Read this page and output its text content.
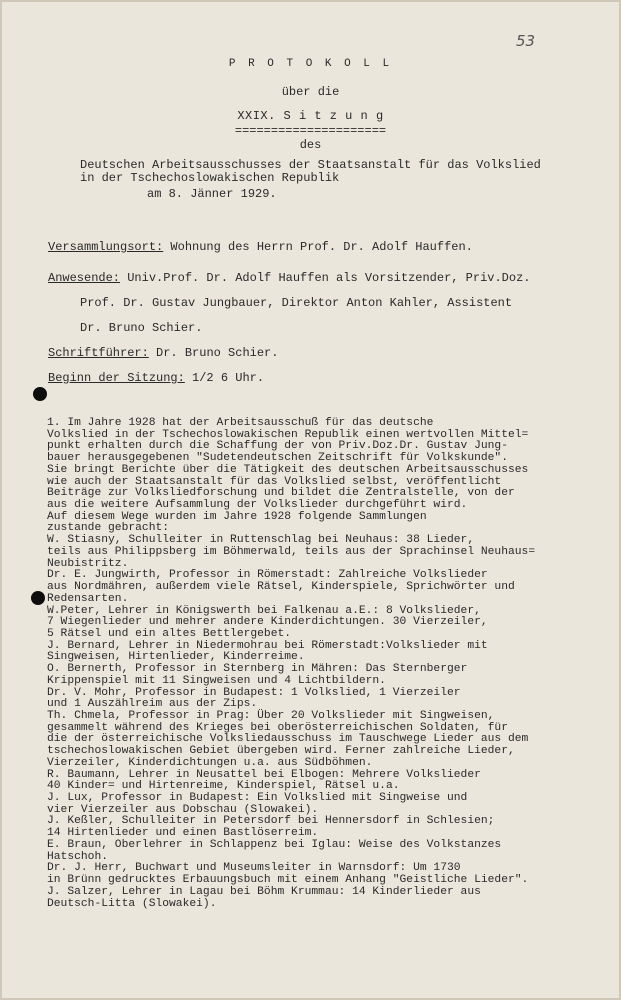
53
P R O T O K O L L
über die
XXIX. S i t z u n g
=====================
des
Deutschen Arbeitsausschusses der Staatsanstalt für das Volkslied
in der Tschechoslowakischen Republik
am 8. Jänner 1929.
Versammlungsort: Wohnung des Herrn Prof. Dr. Adolf Hauffen.
Anwesende: Univ.Prof. Dr. Adolf Hauffen als Vorsitzender, Priv.Doz.
Prof. Dr. Gustav Jungbauer, Direktor Anton Kahler, Assistent
Dr. Bruno Schier.
Schriftführer: Dr. Bruno Schier.
Beginn der Sitzung: 1/2 6 Uhr.
1. Im Jahre 1928 hat der Arbeitsausschuß für das deutsche
Volkslied in der Tschechoslowakischen Republik einen wertvollen Mittel=
punkt erhalten durch die Schaffung der von Priv.Doz.Dr. Gustav Jung-
bauer herausgegebenen "Sudetendeutschen Zeitschrift für Volkskunde".
Sie bringt Berichte über die Tätigkeit des deutschen Arbeitsausschusses
wie auch der Staatsanstalt für das Volkslied selbst, veröffentlicht
Beiträge zur Volksliedforschung und bildet die Zentralstelle, von der
aus die weitere Aufsammlung der Volkslieder durchgeführt wird.
Auf diesem Wege wurden im Jahre 1928 folgende Sammlungen
zustande gebracht:
W. Stiasny, Schulleiter in Ruttenschlag bei Neuhaus: 38 Lieder,
teils aus Philippsberg im Böhmerwald, teils aus der Sprachinsel Neuhaus=
Neubistritz.
Dr. E. Jungwirth, Professor in Römerstadt: Zahlreiche Volkslieder
aus Nordmähren, außerdem viele Rätsel, Kinderspiele, Sprichwörter und
Redensarten.
W.Peter, Lehrer in Königswerth bei Falkenau a.E.: 8 Volkslieder,
7 Wiegenlieder und mehrer andere Kinderdichtungen. 30 Vierzeiler,
5 Rätsel und ein altes Bettlergebet.
J. Bernard, Lehrer in Niedermohrau bei Römerstadt:Volkslieder mit
Singweisen, Hirtenlieder, Kinderreime.
O. Bernerth, Professor in Sternberg in Mähren: Das Sternberger
Krippenspiel mit 11 Singweisen und 4 Lichtbildern.
Dr. V. Mohr, Professor in Budapest: 1 Volkslied, 1 Vierzeiler
und 1 Auszählreim aus der Zips.
Th. Chmela, Professor in Prag: Über 20 Volkslieder mit Singweisen,
gesammelt während des Krieges bei oberösterreichischen Soldaten, für
die der österreichische Volksliedausschuss im Tauschwege Lieder aus dem
tschechoslowakischen Gebiet übergeben wird. Ferner zahlreiche Lieder,
Vierzeiler, Kinderdichtungen u.a. aus Südböhmen.
R. Baumann, Lehrer in Neusattel bei Elbogen: Mehrere Volkslieder
40 Kinder= und Hirtenreime, Kinderspiel, Rätsel u.a.
J. Lux, Professor in Budapest: Ein Volkslied mit Singweise und
vier Vierzeiler aus Dobschau (Slowakei).
J. Keßler, Schulleiter in Petersdorf bei Hennersdorf in Schlesien;
14 Hirtenlieder und einen Bastlöserreim.
E. Braun, Oberlehrer in Schlappenz bei Iglau: Weise des Volkstanzes
Hatschoh.
Dr. J. Herr, Buchwart und Museumsleiter in Warnsdorf: Um 1730
in Brünn gedrucktes Erbauungsbuch mit einem Anhang "Geistliche Lieder".
J. Salzer, Lehrer in Lagau bei Böhm Krummau: 14 Kinderlieder aus
Deutsch-Litta (Slowakei).
